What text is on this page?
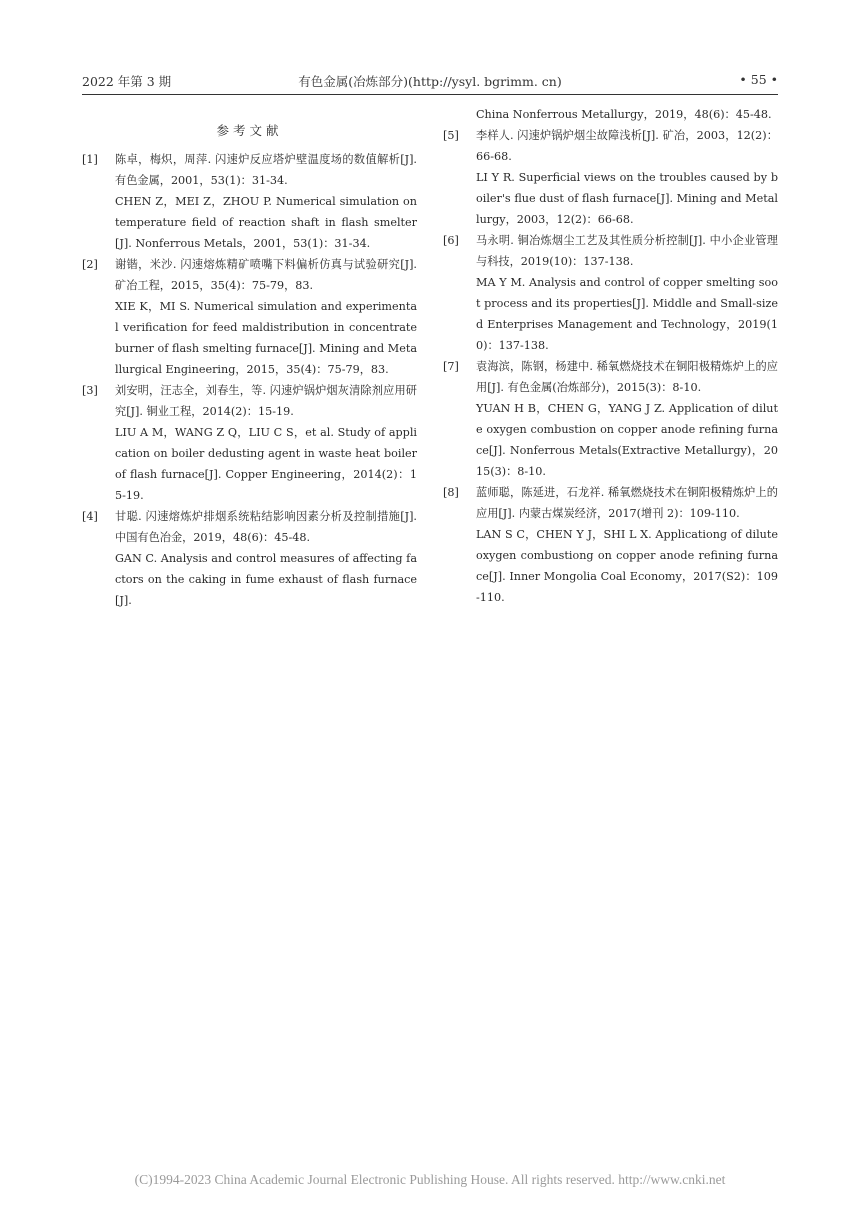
2022 年第 3 期	有色金属(冶炼部分)(http://ysyl. bgrimm. cn)	• 55 •
参考文献
[1] 陈卓，梅炽，周萍. 闪速炉反应塔炉壁温度场的数值解析[J]. 有色金属，2001，53(1)：31-34.

CHEN Z，MEI Z，ZHOU P. Numerical simulation on temperature field of reaction shaft in flash smelter[J]. Nonferrous Metals，2001，53(1)：31-34.

[2] 谢锴，米沙. 闪速熔炼精矿喷嘴下料偏析仿真与试验研究[J]. 矿冶工程，2015，35(4)：75-79，83.

XIE K，MI S. Numerical simulation and experimental verification for feed maldistribution in concentrate burner of flash smelting furnace[J]. Mining and Metallurgical Engineering，2015，35(4)：75-79，83.

[3] 刘安明，汪志全，刘春生，等. 闪速炉锅炉烟灰清除剂应用研究[J]. 铜业工程，2014(2)：15-19.

LIU A M，WANG Z Q，LIU C S，et al. Study of application on boiler dedusting agent in waste heat boiler of flash furnace[J]. Copper Engineering，2014(2)：15-19.

[4] 甘聪. 闪速熔炼炉排烟系统粘结影响因素分析及控制措施[J]. 中国有色冶金，2019，48(6)：45-48.

GAN C. Analysis and control measures of affecting factors on the caking in fume exhaust of flash furnace[J].

China Nonferrous Metallurgy，2019，48(6)：45-48.

[5] 李样人. 闪速炉锅炉烟尘故障浅析[J]. 矿冶，2003，12(2)：66-68.

LI Y R. Superficial views on the troubles caused by boiler's flue dust of flash furnace[J]. Mining and Metallurgy，2003，12(2)：66-68.

[6] 马永明. 铜冶炼烟尘工艺及其性质分析控制[J]. 中小企业管理与科技，2019(10)：137-138.

MA Y M. Analysis and control of copper smelting soot process and its properties[J]. Middle and Small-sized Enterprises Management and Technology，2019(10)：137-138.

[7] 袁海滨，陈钢，杨建中. 稀氧燃烧技术在铜阳极精炼炉上的应用[J]. 有色金属(冶炼部分)，2015(3)：8-10.

YUAN H B，CHEN G，YANG J Z. Application of dilute oxygen combustion on copper anode refining furnace[J]. Nonferrous Metals(Extractive Metallurgy)，2015(3)：8-10.

[8] 蓝师聪，陈延进，石龙祥. 稀氧燃烧技术在铜阳极精炼炉上的应用[J]. 内蒙古煤炭经济，2017(增刊 2)：109-110.

LAN S C，CHEN Y J，SHI L X. Applicationg of dilute oxygen combustiong on copper anode refining furnace[J]. Inner Mongolia Coal Economy，2017(S2)：109-110.

(C)1994-2023 China Academic Journal Electronic Publishing House. All rights reserved. http://www.cnki.net
